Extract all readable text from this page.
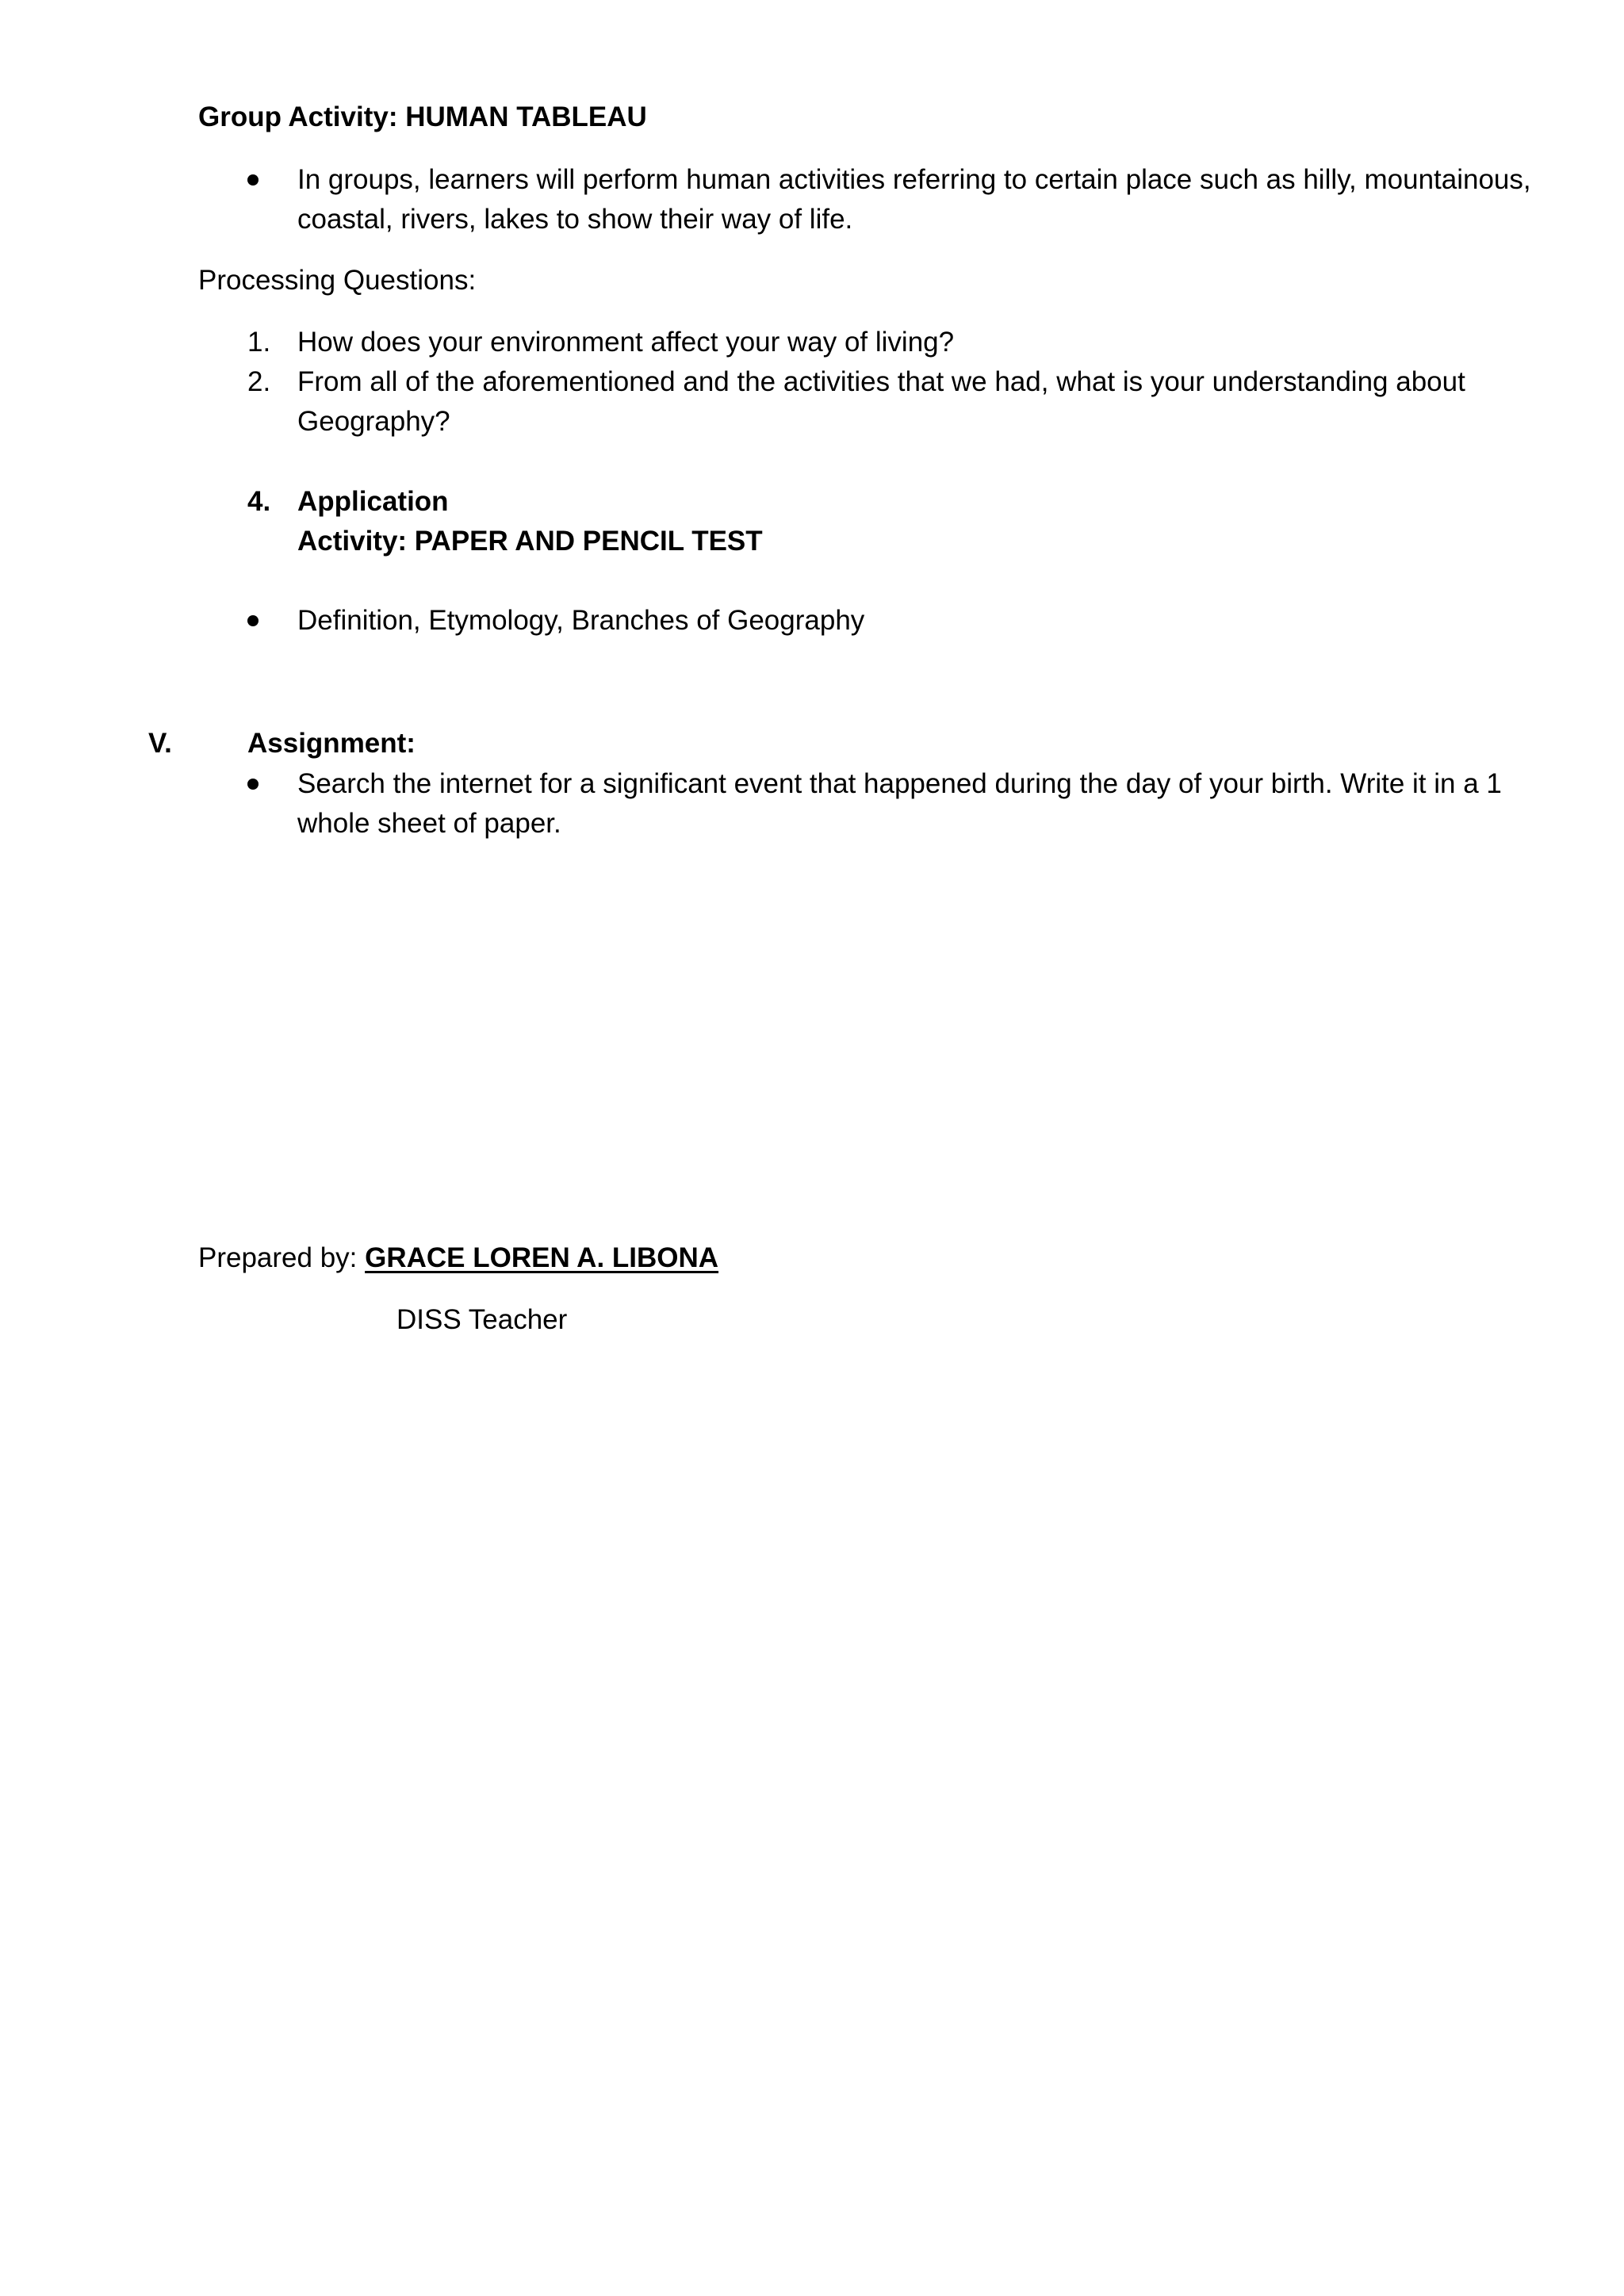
Group Activity: HUMAN TABLEAU
In groups, learners will perform human activities referring to certain place such as hilly, mountainous,
coastal, rivers, lakes to show their way of life.
Processing Questions:
1. How does your environment affect your way of living?
2. From all of the aforementioned and the activities that we had, what is your understanding about
Geography?
4. Application
Activity: PAPER AND PENCIL TEST
Definition, Etymology, Branches of Geography
V.	Assignment:
Search the internet for a significant event that happened during the day of your birth. Write it in a 1
whole sheet of paper.
Prepared by: GRACE LOREN A. LIBONA
DISS Teacher
